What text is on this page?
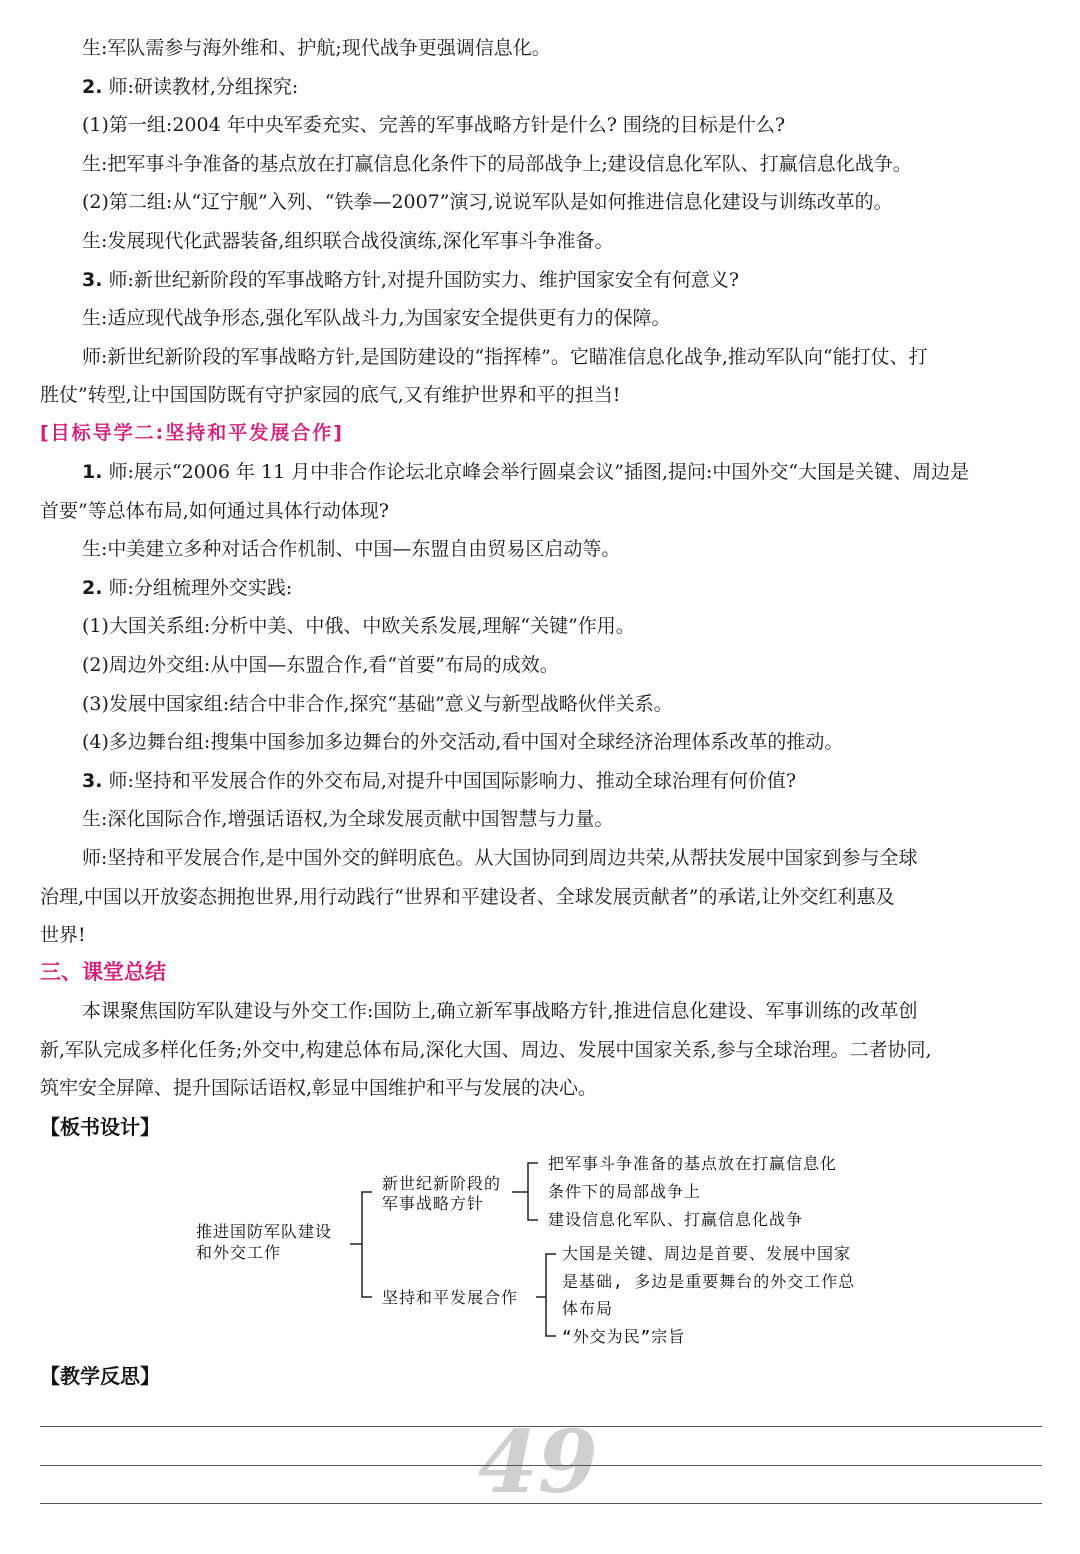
生:军队需参与海外维和、护航;现代战争更强调信息化。
2. 师:研读教材,分组探究:
(1)第一组:2004 年中央军委充实、完善的军事战略方针是什么? 围绕的目标是什么?
生:把军事斗争准备的基点放在打赢信息化条件下的局部战争上;建设信息化军队、打赢信息化战争。
(2)第二组:从“辽宁舰”入列、“铁拳—2007”演习,说说军队是如何推进信息化建设与训练改革的。
生:发展现代化武器装备,组织联合战役演练,深化军事斗争准备。
3. 师:新世纪新阶段的军事战略方针,对提升国防实力、维护国家安全有何意义?
生:适应现代战争形态,强化军队战斗力,为国家安全提供更有力的保障。
师:新世纪新阶段的军事战略方针,是国防建设的“指挥棒”。它瞄准信息化战争,推动军队向“能打仗、打
胜仗”转型,让中国国防既有守护家园的底气,又有维护世界和平的担当!
[目标导学二:坚持和平发展合作]
1. 师:展示“2006 年 11 月中非合作论坛北京峰会举行圆桌会议”插图,提问:中国外交“大国是关键、周边是
首要”等总体布局,如何通过具体行动体现?
生:中美建立多种对话合作机制、中国—东盟自由贸易区启动等。
2. 师:分组梳理外交实践:
(1)大国关系组:分析中美、中俄、中欧关系发展,理解“关键”作用。
(2)周边外交组:从中国—东盟合作,看“首要”布局的成效。
(3)发展中国家组:结合中非合作,探究“基础”意义与新型战略伙伴关系。
(4)多边舞台组:搜集中国参加多边舞台的外交活动,看中国对全球经济治理体系改革的推动。
3. 师:坚持和平发展合作的外交布局,对提升中国国际影响力、推动全球治理有何价值?
生:深化国际合作,增强话语权,为全球发展贡献中国智慧与力量。
师:坚持和平发展合作,是中国外交的鲜明底色。从大国协同到周边共荣,从帮扶发展中国家到参与全球
治理,中国以开放姿态拥抱世界,用行动践行“世界和平建设者、全球发展贡献者”的承诺,让外交红利惠及
世界!
三、课堂总结
本课聚焦国防军队建设与外交工作:国防上,确立新军事战略方针,推进信息化建设、军事训练的改革创
新,军队完成多样化任务;外交中,构建总体布局,深化大国、周边、发展中国家关系,参与全球治理。二者协同,
筑牢安全屏障、提升国际话语权,彰显中国维护和平与发展的决心。
【板书设计】
推进国防军队建设
和外交工作
新世纪新阶段的
军事战略方针
把军事斗争准备的基点放在打赢信息化
条件下的局部战争上
建设信息化军队、打赢信息化战争
坚持和平发展合作
大国是关键、周边是首要、发展中国家
是基础, 多边是重要舞台的外交工作总
体布局
“外交为民”宗旨
【教学反思】
49
